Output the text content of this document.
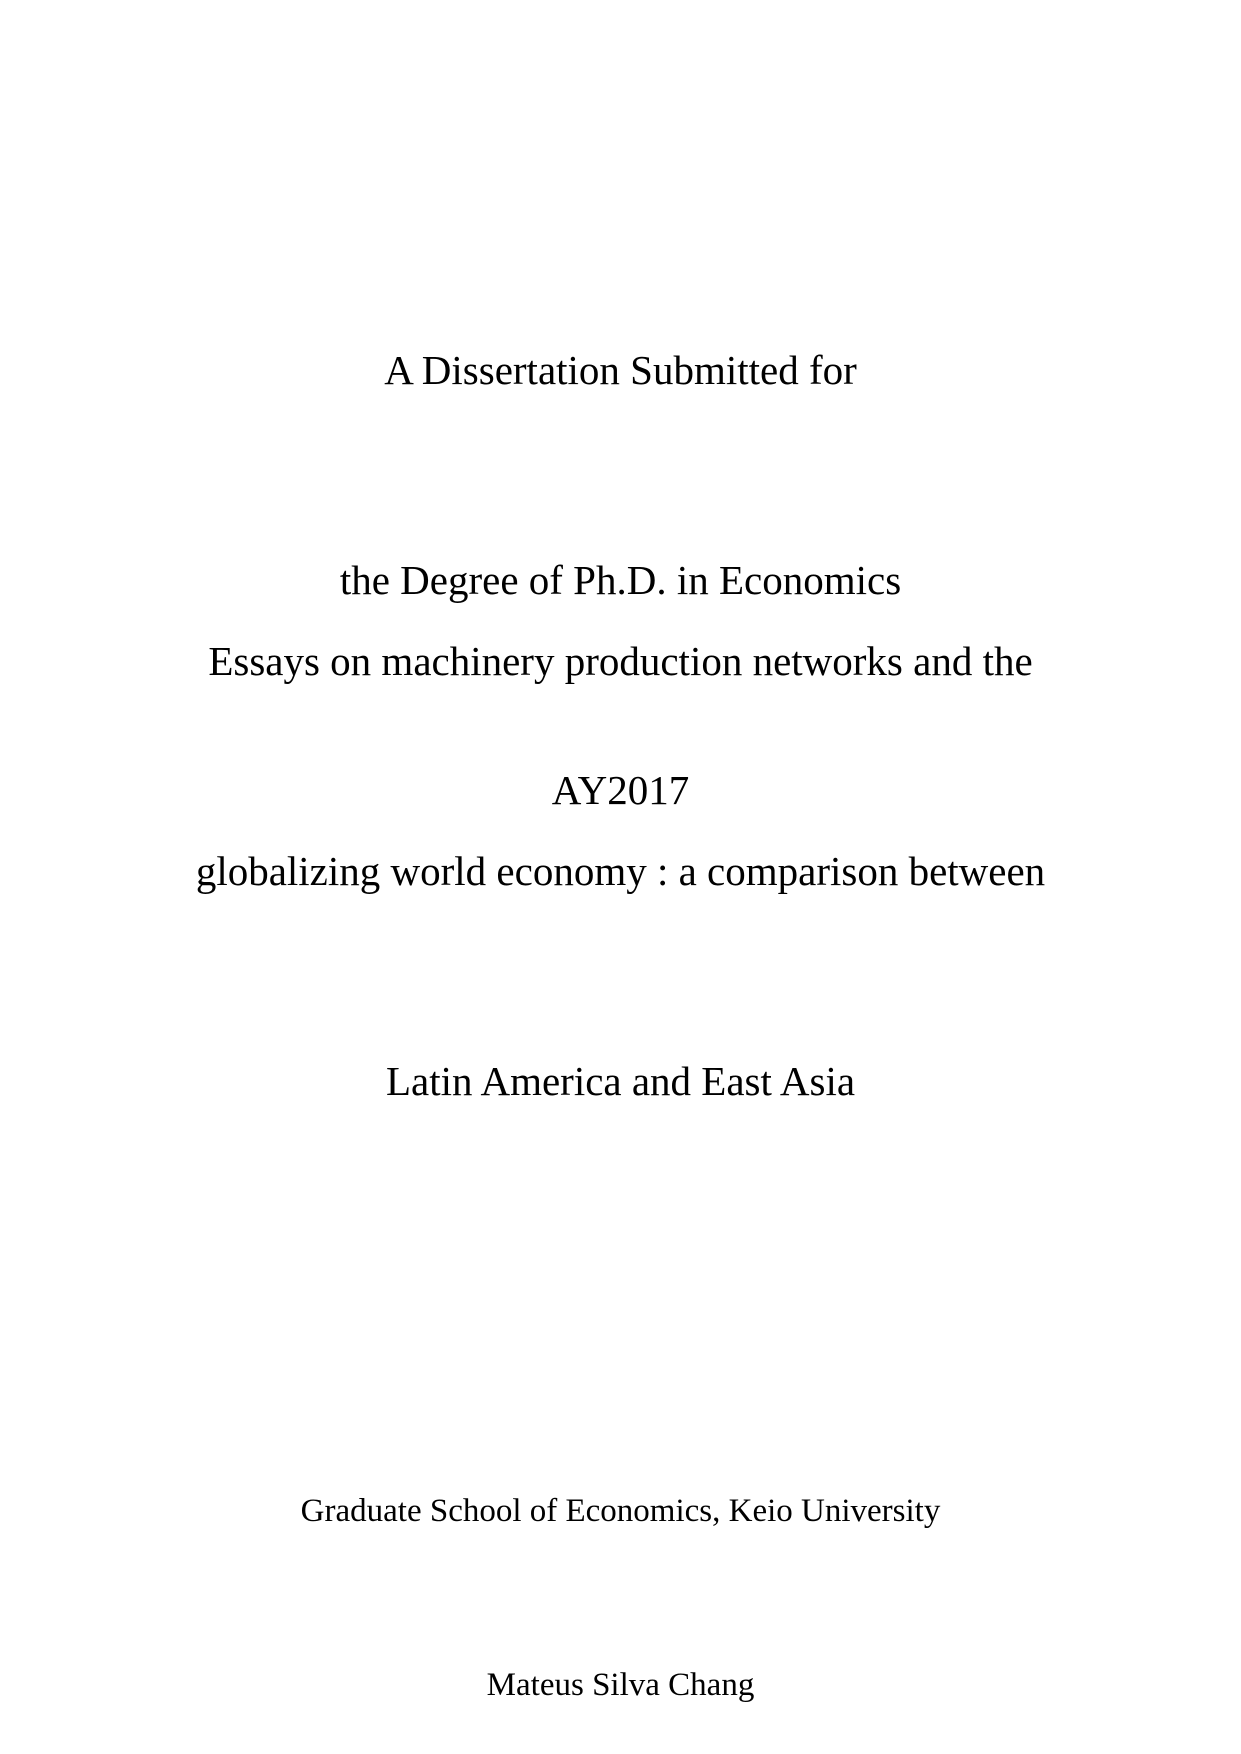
A Dissertation Submitted for

the Degree of Ph.D. in Economics

AY2017

Essays on machinery production networks and the

globalizing world economy : a comparison between

Latin America and East Asia

Graduate School of Economics, Keio University

Mateus Silva Chang
